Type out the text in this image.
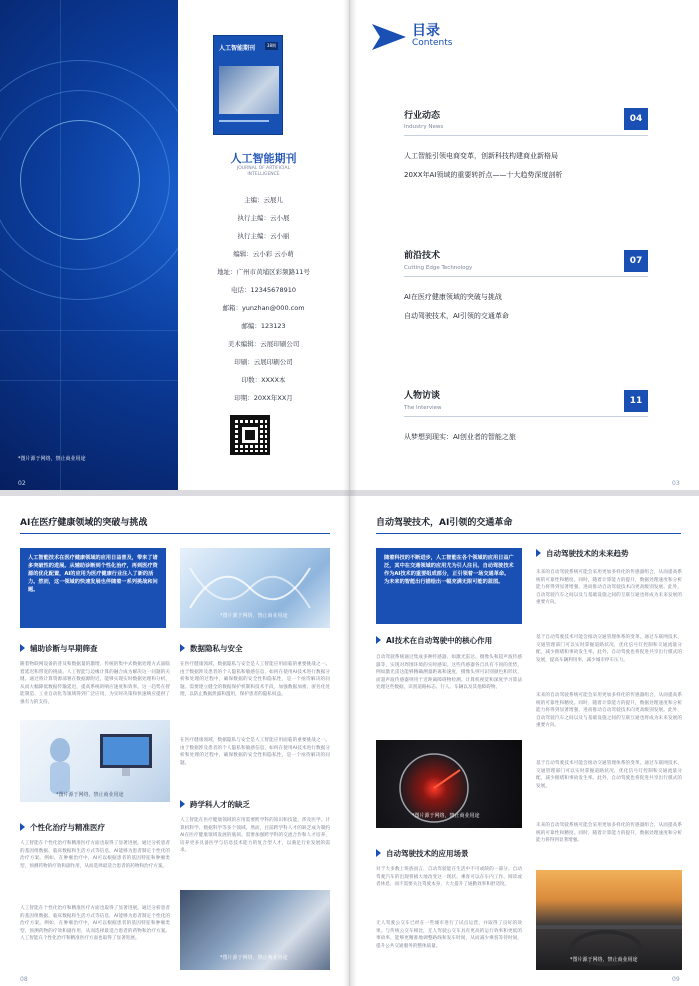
人工智能期刊	38期
人工智能期刊
JOURNAL OF ARTIFICIAL
INTELLIGENCE
主编：云展儿
执行主编：云小展
执行主编：云小丽
编辑：云小彩 云小萌
地址：广州市黄埔区彩频路11号
电话：12345678910
邮箱：yunzhan@000.com
邮编：123123
美术编辑：云展印刷公司
印刷：云展印刷公司
印数：XXXX本
印期：20XX年XX月
*图片源于网络，禁止商业用途
02
目录
Contents
行业动态
Industry News
04
人工智能引领电商变革，创新科技构建商业新格局
20XX年AI领域的重要转折点——十大趋势深度剖析
前沿技术
Cutting Edge Technology
07
AI在医疗健康领域的突破与挑战
自动驾驶技术，AI引领的交通革命
人物访谈
The Interview
11
从梦想到现实：AI创业者的智能之旅
03
AI在医疗健康领域的突破与挑战
人工智能技术在医疗健康领域的应用日益普及，带来了诸多突破性的进展。从辅助诊断到个性化治疗，再到医疗资源的优化配置，AI的应用为医疗健康行业注入了新的活力。然而，这一领域的快速发展也伴随着一系列挑战和问题。
*图片源于网络，禁止商业用途
辅助诊断与早期筛查
随着物联网设备的普及和数据量的激增，传统的集中式数据处理方式面临着延迟和带宽的挑战。人工智能与边缘计算的融合成为解决这一问题的关键。通过将计算资源部署在数据源附近，能够实现实时数据处理和分析，从而大幅降低数据传输延迟，提高系统的响应速度和效率。这一趋势在智能制造、工业自动化等领域得到广泛应用，为实时决策和快速响应提供了强有力的支持。
*图片源于网络，禁止商业用途
个性化治疗与精准医疗
人工智能在个性化治疗和精准医疗方面也取得了显著进展。通过分析患者的基因组数据、临床数据和生活方式等信息，AI能够为患者制定个性化的治疗方案。例如，在肿瘤治疗中，AI可以根据患者的基因特征和肿瘤类型，预测药物的疗效和副作用，从而选择最适合患者的药物和治疗方案。
人工智能在个性化治疗和精准医疗方面也取得了显著进展。通过分析患者的基因组数据、临床数据和生活方式等信息，AI能够为患者制定个性化的治疗方案。例如，在肿瘤治疗中，AI可以根据患者的基因特征和肿瘤类型，预测药物的疗效和副作用，从而选择最适合患者的药物和治疗方案。人工智能在个性化治疗和精准医疗方面也取得了显著进展。
数据隐私与安全
在医疗健康领域，数据隐私与安全是人工智能应用面临的重要挑战之一。由于数据涉及患者的个人隐私和敏感信息，如何在使用AI技术进行数据分析和处理的过程中，确保数据的安全性和隐私性，是一个亟待解决的问题。需要建立健全的数据保护机制和技术手段，加强数据加密、匿名化处理，以防止数据泄露和滥用，保护患者的隐私权益。
在医疗健康领域，数据隐私与安全是人工智能应用面临的重要挑战之一。由于数据涉及患者的个人隐私和敏感信息，如何在使用AI技术进行数据分析和处理的过程中，确保数据的安全性和隐私性，是一个亟待解决的问题。
跨学科人才的缺乏
人工智能在医疗健康领域的应用需要跨学科的知识和技能，涉及医学、计算机科学、数据科学等多个领域。然而，目前跨学科人才的缺乏成为制约AI在医疗健康领域发展的瓶颈。需要加强跨学科的交流合作和人才培养，培养更多具备医学与信息技术能力的复合型人才，以满足行业发展的需求。
*图片源于网络，禁止商业用途
08
自动驾驶技术，AI引领的交通革命
随着科技的不断进步，人工智能在各个领域的应用日益广泛，其中在交通领域的应用尤为引人注目。自动驾驶技术作为AI技术的重要组成部分，正引领着一场交通革命。为未来的智能出行描绘出一幅充满无限可能的蓝图。
AI技术在自动驾驶中的核心作用
自动驾驶系统通过集成多种传感器、如激光雷达、摄像头和超声波传感器等，实现对周围环境的实时感知。这些传感器各自具有不同的优势，例如激光雷达能够精确测量距离和速度，摄像头则可识别颜色和形状，而超声波传感器则用于近距离障碍物检测。计算机视觉和深度学习算法处理这些数据，识别道路标志、行人、车辆以及其他障碍物。
*图片源于网络，禁止商业用途
自动驾驶技术的应用场景
对于大多数上班族而言，自动驾驶能在生活中不可或缺的一部分。自动驾驶汽车的出现将极大地改变这一现状。乘客可以在车内工作、阅读或者休息，而不需要关注驾驶本身，大大提升了通勤效率和舒适度。
无人驾驶公交车已经在一些城市进行了试点运营，并取得了良好的效果。与传统公交车相比，无人驾驶公交车具有更高的运行效率和更低的事故率，能够更精准地调整路线和发车时间，从而减少乘客等待时间，提升公共交通服务的整体质量。
自动驾驶技术的未来趋势
未来的自动驾驶系统可能会采用更加多样化的传感器组合，从而提高系统的可靠性和精度。同时，随着计算能力的提升，数据处理速度和分析能力将得到显著增强，进而推动自动驾驶技术向更高级别发展。此外，自动驾驶汽车之间以及与基础设施之间的互联互通也将成为未来发展的重要方向。
基于自动驾驶技术可能会推动交通管理体系的变革。通过车联网技术，交通管理部门可以实时掌握道路状况，优化信号灯控制和交通流量分配，减少拥堵和事故发生率。此外，自动驾驶也将促进共享出行模式的发展，提高车辆利用率，减少城市停车压力。
未来的自动驾驶系统可能会采用更加多样化的传感器组合，从而提高系统的可靠性和精度。同时，随着计算能力的提升，数据处理速度和分析能力将得到显著增强，进而推动自动驾驶技术向更高级别发展。此外，自动驾驶汽车之间以及与基础设施之间的互联互通也将成为未来发展的重要方向。
基于自动驾驶技术可能会推动交通管理体系的变革。通过车联网技术，交通管理部门可以实时掌握道路状况，优化信号灯控制和交通流量分配，减少拥堵和事故发生率。此外，自动驾驶也将促进共享出行模式的发展。
未来的自动驾驶系统可能会采用更加多样化的传感器组合，从而提高系统的可靠性和精度。同时，随着计算能力的提升，数据处理速度和分析能力将得到显著增强。
*图片源于网络，禁止商业用途
09
